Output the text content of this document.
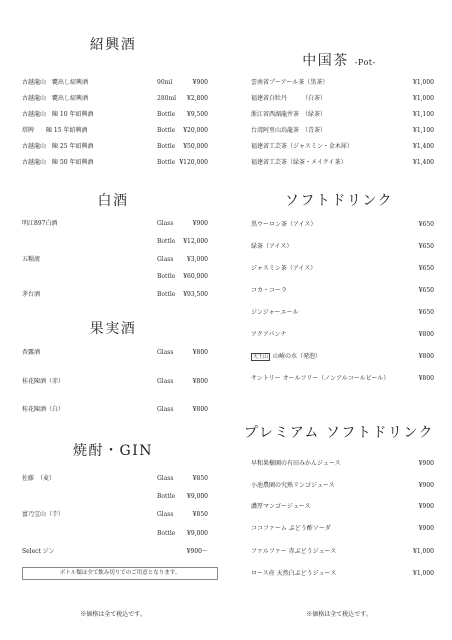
紹興酒
古越龍山　甕出し紹興酒	90ml	¥900
古越龍山　甕出し紹興酒	280ml ¥2,800
古越龍山　陳 10 年紹興酒	Bottle ¥9,500
塔牌　　陳 15 年紹興酒	Bottle ¥20,000
古越龍山　陳 25 年紹興酒	Bottle ¥50,000
古越龍山　陳 50 年紹興酒	Bottle ¥120,000
白酒
明江897白酒	Glass	¥900
Bottle ¥12,000
五糧液	Glass ¥3,000
Bottle ¥60,000
茅台酒	Bottle ¥93,500
果実酒
杏露酒	Glass	¥800
桂花陳酒（赤）	Glass	¥800
桂花陳酒（白）	Glass	¥800
焼酎・GIN
佐藤　（麦）	Glass	¥850
Bottle ¥9,000
富乃宝山（芋）	Glass	¥850
Bottle ¥9,000
Select ジン	¥900～
ボトル類は全て飲み切りでのご用意となります。
※価格は全て税込です。
中国茶 -Pot-
雲南省プーアール茶（黒茶）	¥1,000
福建省白牡丹　　　（白茶）	¥1,000
浙江省西湖龍井茶　（緑茶）	¥1,100
台湾阿里山烏龍茶　（青茶）	¥1,100
福建省工芸茶（ジャスミン・金木犀）	¥1,400
福建省工芸茶（緑茶・メイクイ茶）	¥1,400
ソフトドリンク
黒ウーロン茶（アイス）	¥650
緑茶（アイス）	¥650
ジャスミン茶（アイス）	¥650
コカ・コーラ	¥650
ジンジャーエール	¥650
アクアパンナ	¥800
天王山 山崎の水（発泡）	¥800
サントリー オールフリー（ノンアルコールビール）	¥800
プレミアム ソフトドリンク
早和果樹園の有田みかんジュース	¥900
小池農園の究熟リンゴジュース	¥900
濃厚マンゴージュース	¥900
ココファーム ぶどう酢ソーダ	¥900
ファルファー 赤ぶどうジュース	¥1,000
ロース産 天然白ぶどうジュース	¥1,000
※価格は全て税込です。
